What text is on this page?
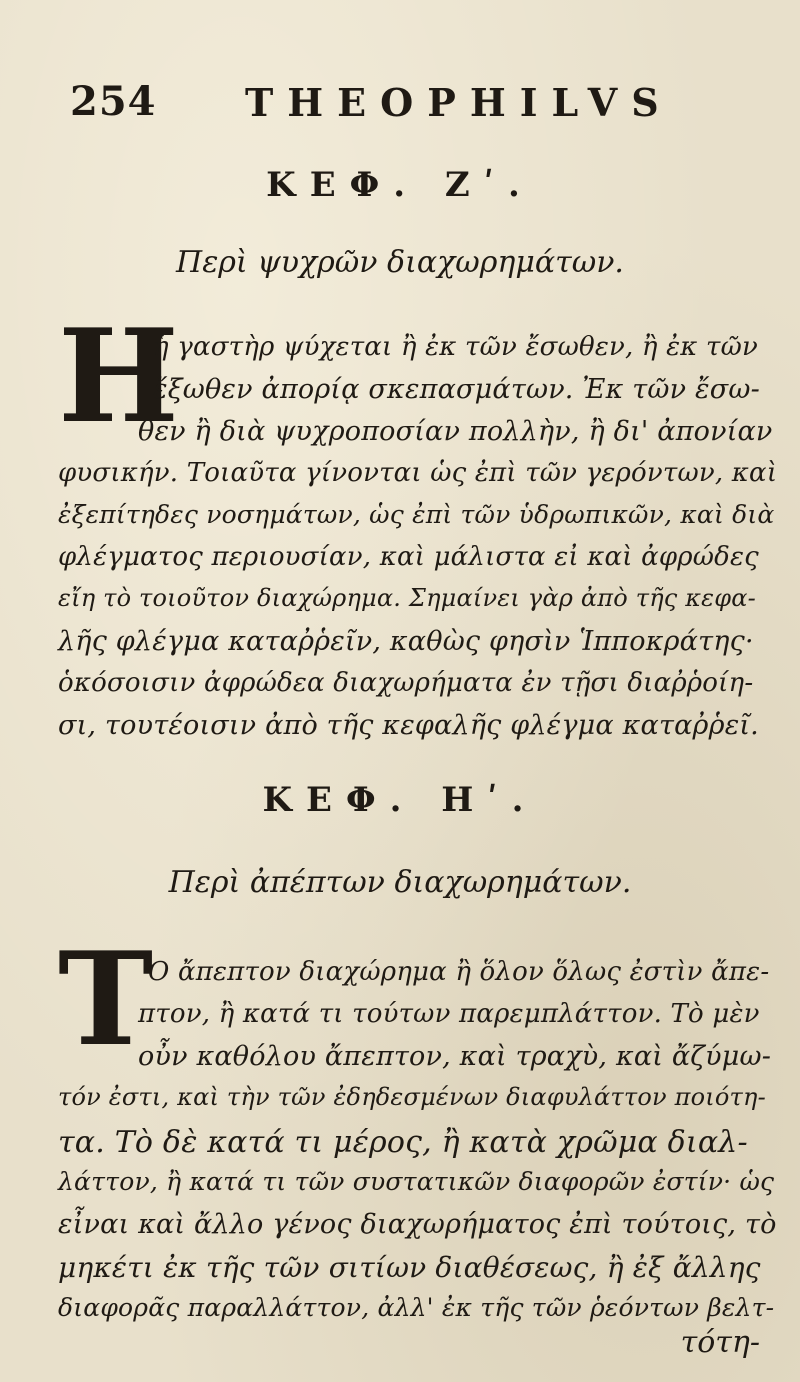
254 THEOPHILVS
ΚΕΦ. Ζʹ.
Περὶ ψυχρῶν διαχωρημάτων.
Η
ἡ γαστὴρ ψύχεται ἢ ἐκ τῶν ἔσωθεν, ἢ ἐκ τῶν
ἔξωθεν ἀπορίᾳ σκεπασμάτων. Ἐκ τῶν ἔσω-
θεν ἢ διὰ ψυχροποσίαν πολλὴν, ἢ δι' ἀπονίαν
φυσικήν. Τοιαῦτα γίνονται ὡς ἐπὶ τῶν γερόντων, καὶ
ἐξεπίτηδες νοσημάτων, ὡς ἐπὶ τῶν ὑδρωπικῶν, καὶ διὰ
φλέγματος περιουσίαν, καὶ μάλιστα εἰ καὶ ἀφρώδες
εἴη τὸ τοιοῦτον διαχώρημα. Σημαίνει γὰρ ἀπὸ τῆς κεφα-
λῆς φλέγμα καταῤῥεῖν, καθὼς φησὶν Ἱπποκράτης·
ὁκόσοισιν ἀφρώδεα διαχωρήματα ἐν τῇσι διαῤῥοίη-
σι, τουτέοισιν ἀπὸ τῆς κεφαλῆς φλέγμα καταῤῥεῖ.
ΚΕΦ. Ηʹ.
Περὶ ἀπέπτων διαχωρημάτων.
Τ
Ο ἄπεπτον διαχώρημα ἢ ὅλον ὅλως ἐστὶν ἄπε-
πτον, ἢ κατά τι τούτων παρεμπλάττον. Τὸ μὲν
οὖν καθόλου ἄπεπτον, καὶ τραχὺ, καὶ ἄζύμω-
τόν ἐστι, καὶ τὴν τῶν ἐδηδεσμένων διαφυλάττον ποιότη-
τα. Τὸ δὲ κατά τι μέρος, ἢ κατὰ χρῶμα διαλ-
λάττον, ἢ κατά τι τῶν συστατικῶν διαφορῶν ἐστίν· ὡς
εἶναι καὶ ἄλλο γένος διαχωρήματος ἐπὶ τούτοις, τὸ
μηκέτι ἐκ τῆς τῶν σιτίων διαθέσεως, ἢ ἐξ ἄλλης
διαφορᾶς παραλλάττον, ἀλλ' ἐκ τῆς τῶν ῥεόντων βελτ-
τότη-
